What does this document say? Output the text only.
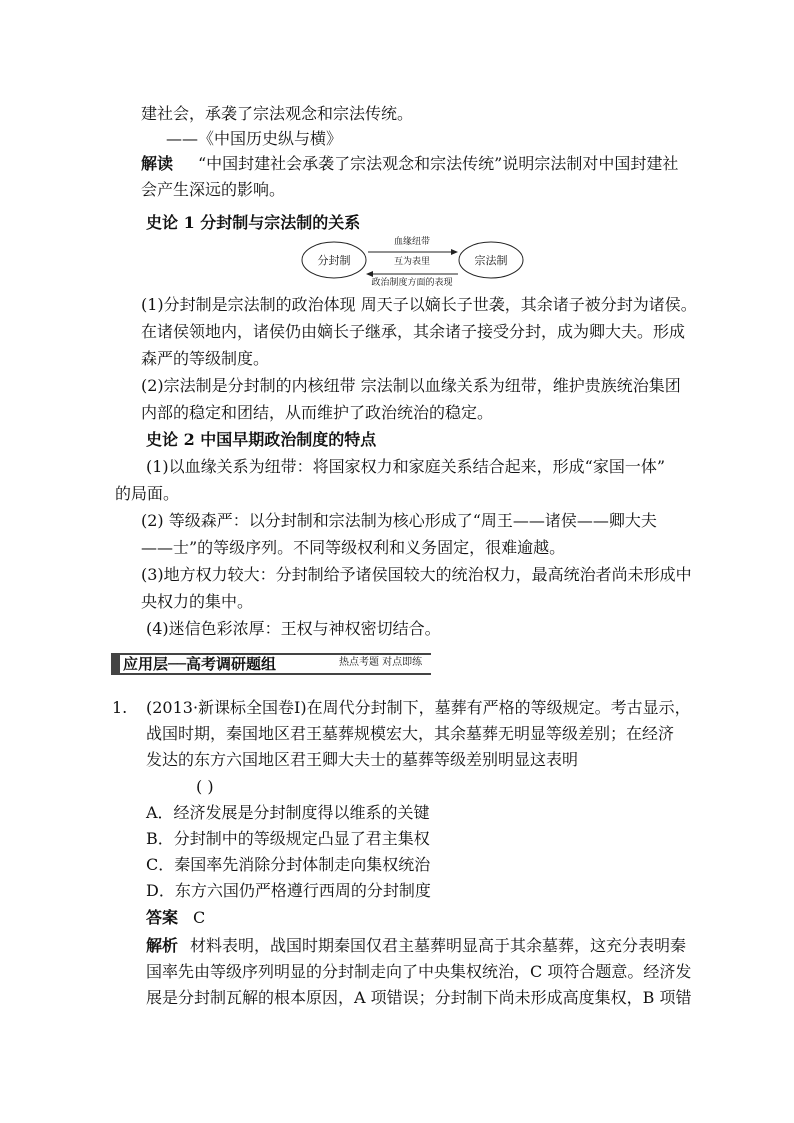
建社会，承袭了宗法观念和宗法传统。
——《中国历史纵与横》
解读 “中国封建社会承袭了宗法观念和宗法传统”说明宗法制对中国封建社
会产生深远的影响。
史论 1 分封制与宗法制的关系
分封制	宗法制
血缘纽带
互为表里
政治制度方面的表现
(1)分封制是宗法制的政治体现 周天子以嫡长子世袭，其余诸子被分封为诸侯。
在诸侯领地内，诸侯仍由嫡长子继承，其余诸子接受分封，成为卿大夫。形成
森严的等级制度。
(2)宗法制是分封制的内核纽带 宗法制以血缘关系为纽带，维护贵族统治集团
内部的稳定和团结，从而维护了政治统治的稳定。
史论 2 中国早期政治制度的特点
(1)以血缘关系为纽带：将国家权力和家庭关系结合起来，形成“家国一体”
的局面。
(2) 等级森严：以分封制和宗法制为核心形成了“周王——诸侯——卿大夫
——士”的等级序列。不同等级权利和义务固定，很难逾越。
(3)地方权力较大：分封制给予诸侯国较大的统治权力，最高统治者尚未形成中
央权力的集中。
(4)迷信色彩浓厚：王权与神权密切结合。
应用层──高考调研题组	热点考题 对点即练
1. (2013·新课标全国卷Ⅰ)在周代分封制下，墓葬有严格的等级规定。考古显示，
战国时期，秦国地区君王墓葬规模宏大，其余墓葬无明显等级差别；在经济
发达的东方六国地区君王卿大夫士的墓葬等级差别明显这表明
( )
A．经济发展是分封制度得以维系的关键
B．分封制中的等级规定凸显了君主集权
C．秦国率先消除分封体制走向集权统治
D．东方六国仍严格遵行西周的分封制度
答案 C
解析 材料表明，战国时期秦国仅君主墓葬明显高于其余墓葬，这充分表明秦
国率先由等级序列明显的分封制走向了中央集权统治，C 项符合题意。经济发
展是分封制瓦解的根本原因，A 项错误；分封制下尚未形成高度集权，B 项错
